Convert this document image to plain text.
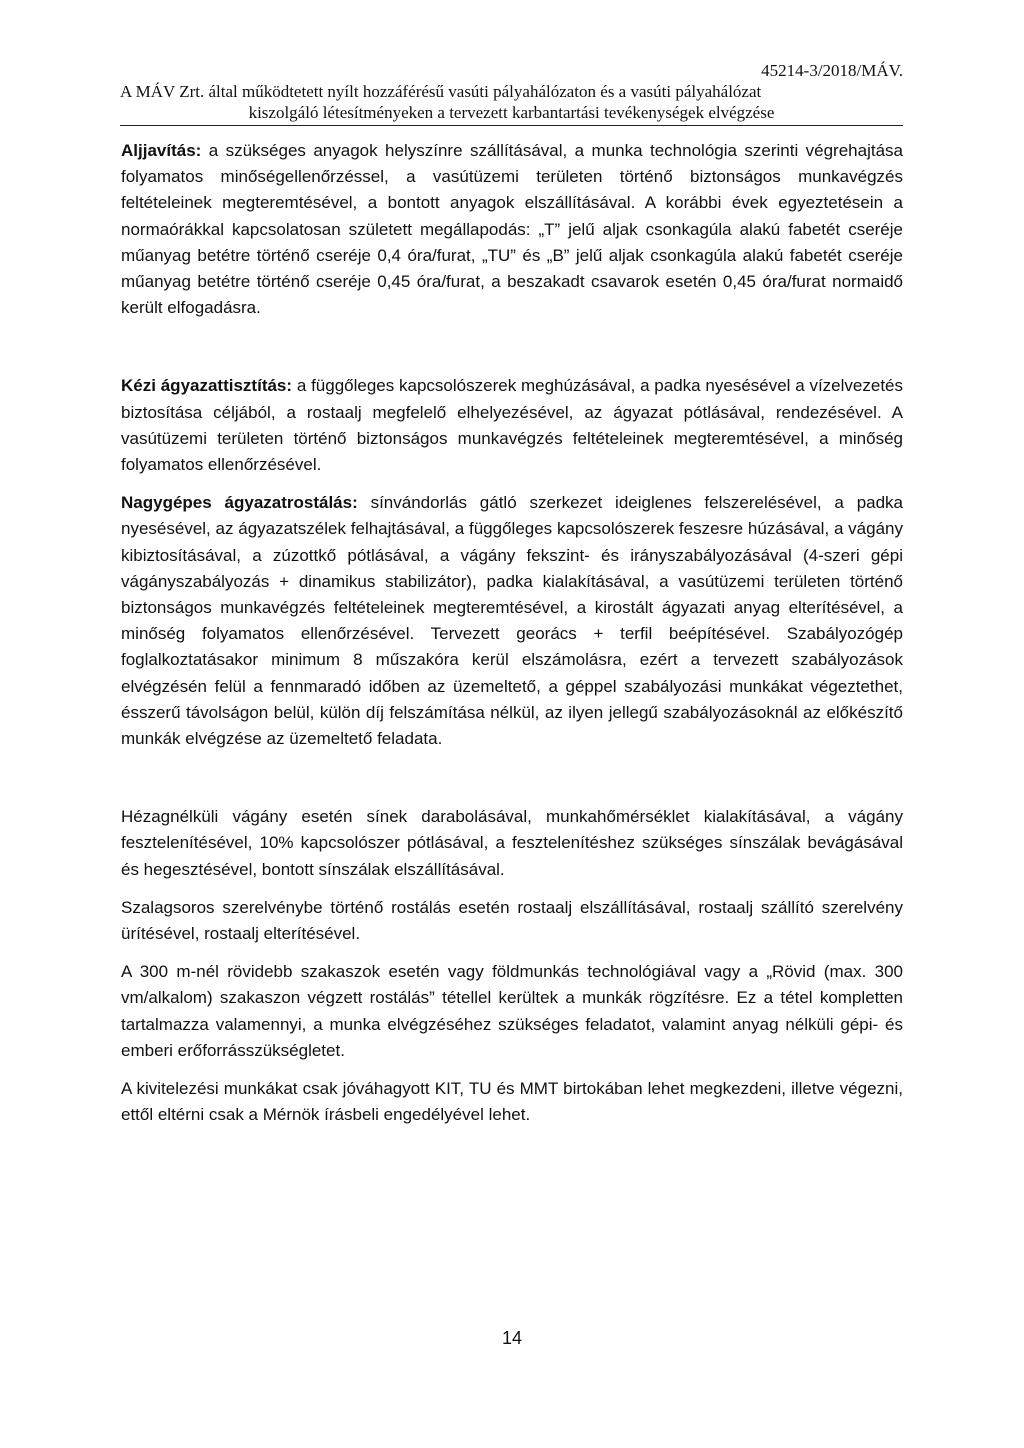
45214-3/2018/MÁV.
A MÁV Zrt. által működtetett nyílt hozzáférésű vasúti pályahálózaton és a vasúti pályahálózat
kiszolgáló létesítményeken a tervezett karbantartási tevékenységek elvégzése

Aljjavítás: a szükséges anyagok helyszínre szállításával, a munka technológia szerinti végrehajtása folyamatos minőségellenőrzéssel, a vasútüzemi területen történő biztonságos munkavégzés feltételeinek megteremtésével, a bontott anyagok elszállításával. A korábbi évek egyeztetésein a normaórákkal kapcsolatosan született megállapodás: „T” jelű aljak csonkagúla alakú fabetét cseréje műanyag betétre történő cseréje 0,4 óra/furat, „TU” és „B” jelű aljak csonkagúla alakú fabetét cseréje műanyag betétre történő cseréje 0,45 óra/furat, a beszakadt csavarok esetén 0,45 óra/furat normaidő került elfogadásra.

Kézi ágyazattisztítás: a függőleges kapcsolószerek meghúzásával, a padka nyesésével a vízelvezetés biztosítása céljából, a rostaalj megfelelő elhelyezésével, az ágyazat pótlásával, rendezésével. A vasútüzemi területen történő biztonságos munkavégzés feltételeinek megteremtésével, a minőség folyamatos ellenőrzésével.

Nagygépes ágyazatrostálás: sínvándorlás gátló szerkezet ideiglenes felszerelésével, a padka nyesésével, az ágyazatszélek felhajtásával, a függőleges kapcsolószerek feszesre húzásával, a vágány kibiztosításával, a zúzottkő pótlásával, a vágány fekszint- és irányszabályozásával (4-szeri gépi vágányszabályozás + dinamikus stabilizátor), padka kialakításával, a vasútüzemi területen történő biztonságos munkavégzés feltételeinek megteremtésével, a kirostált ágyazati anyag elterítésével, a minőség folyamatos ellenőrzésével. Tervezett georács + terfil beépítésével. Szabályozógép foglalkoztatásakor minimum 8 műszakóra kerül elszámolásra, ezért a tervezett szabályozások elvégzésén felül a fennmaradó időben az üzemeltető, a géppel szabályozási munkákat végeztethet, ésszerű távolságon belül, külön díj felszámítása nélkül, az ilyen jellegű szabályozásoknál az előkészítő munkák elvégzése az üzemeltető feladata.

Hézagnélküli vágány esetén sínek darabolásával, munkahőmérséklet kialakításával, a vágány fesztelenítésével, 10% kapcsolószer pótlásával, a fesztelenítéshez szükséges sínszálak bevágásával és hegesztésével, bontott sínszálak elszállításával.

Szalagsoros szerelvénybe történő rostálás esetén rostaalj elszállításával, rostaalj szállító szerelvény ürítésével, rostaalj elterítésével.

A 300 m-nél rövidebb szakaszok esetén vagy földmunkás technológiával vagy a „Rövid (max. 300 vm/alkalom) szakaszon végzett rostálás” tétellel kerültek a munkák rögzítésre. Ez a tétel kompletten tartalmazza valamennyi, a munka elvégzéséhez szükséges feladatot, valamint anyag nélküli gépi- és emberi erőforrásszükségletet.

A kivitelezési munkákat csak jóváhagyott KIT, TU és MMT birtokában lehet megkezdeni, illetve végezni, ettől eltérni csak a Mérnök írásbeli engedélyével lehet.

14
